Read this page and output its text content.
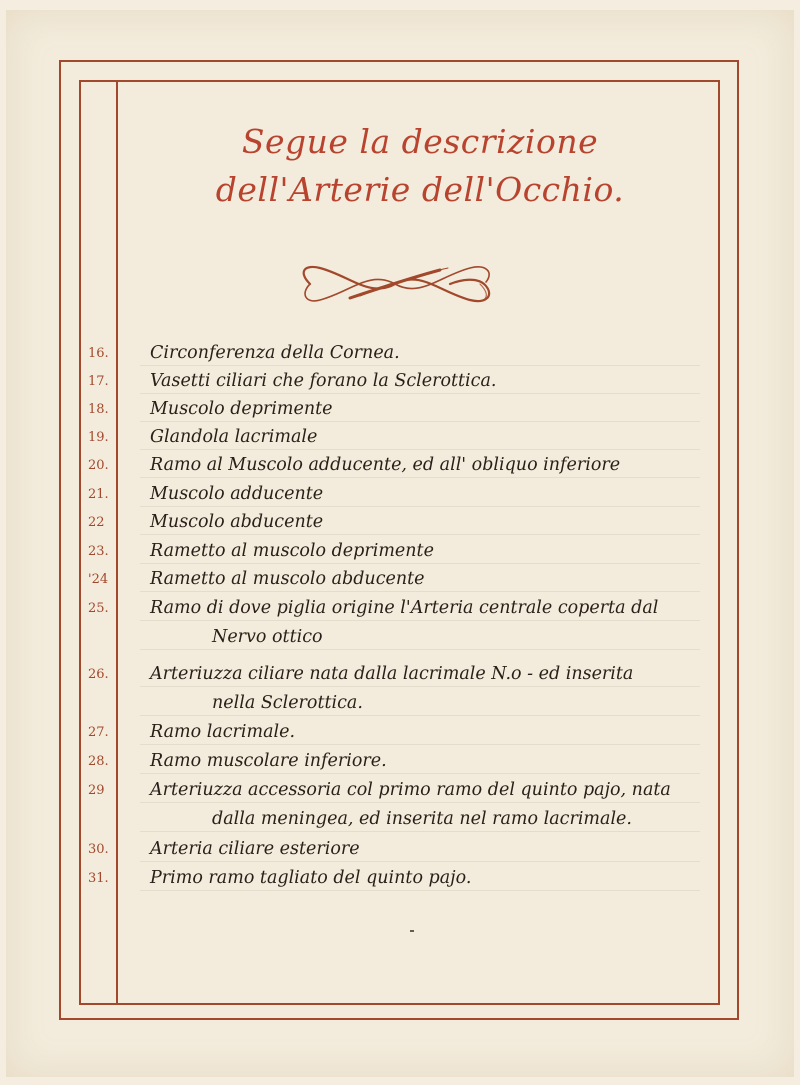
Segue la descrizione
dell'Arterie dell'Occhio.
16.	Circonferenza della Cornea.
17.	Vasetti ciliari che forano la Sclerottica.
18.	Muscolo deprimente
19.	Glandola lacrimale
20.	Ramo al Muscolo adducente, ed all' obliquo inferiore
21.	Muscolo adducente
22	Muscolo abducente
23.	Rametto al muscolo deprimente
'24	Rametto al muscolo abducente
25.	Ramo di dove piglia origine l'Arteria centrale coperta dal
Nervo ottico
26.	Arteriuzza ciliare nata dalla lacrimale N.o - ed inserita
nella Sclerottica.
27.	Ramo lacrimale.
28.	Ramo muscolare inferiore.
29	Arteriuzza accessoria col primo ramo del quinto pajo, nata
dalla meningea, ed inserita nel ramo lacrimale.
30.	Arteria ciliare esteriore
31.	Primo ramo tagliato del quinto pajo.
